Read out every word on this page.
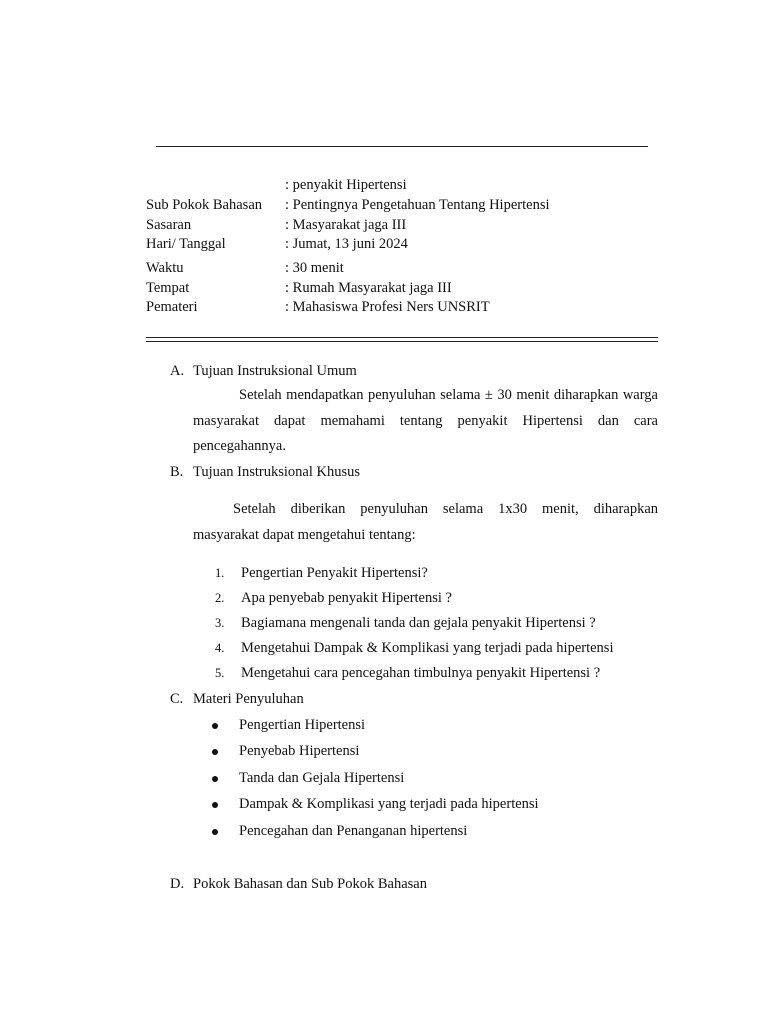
: penyakit Hipertensi
Sub Pokok Bahasan : Pentingnya Pengetahuan Tentang Hipertensi
Sasaran	: Masyarakat jaga III
Hari/ Tanggal	: Jumat, 13 juni 2024
Waktu	: 30 menit
Tempat	: Rumah Masyarakat jaga III
Pemateri	: Mahasiswa Profesi Ners UNSRIT
A. Tujuan Instruksional Umum
Setelah mendapatkan penyuluhan selama ± 30 menit diharapkan warga masyarakat dapat memahami tentang penyakit Hipertensi dan cara pencegahannya.
B. Tujuan Instruksional Khusus
Setelah diberikan penyuluhan selama 1x30 menit, diharapkan masyarakat dapat mengetahui tentang:
1. Pengertian Penyakit Hipertensi?
2. Apa penyebab penyakit Hipertensi ?
3. Bagiamana mengenali tanda dan gejala penyakit Hipertensi ?
4. Mengetahui Dampak & Komplikasi yang terjadi pada hipertensi
5. Mengetahui cara pencegahan timbulnya penyakit Hipertensi ?
C. Materi Penyuluhan
Pengertian Hipertensi
Penyebab Hipertensi
Tanda dan Gejala Hipertensi
Dampak & Komplikasi yang terjadi pada hipertensi
Pencegahan dan Penanganan hipertensi
D. Pokok Bahasan dan Sub Pokok Bahasan
